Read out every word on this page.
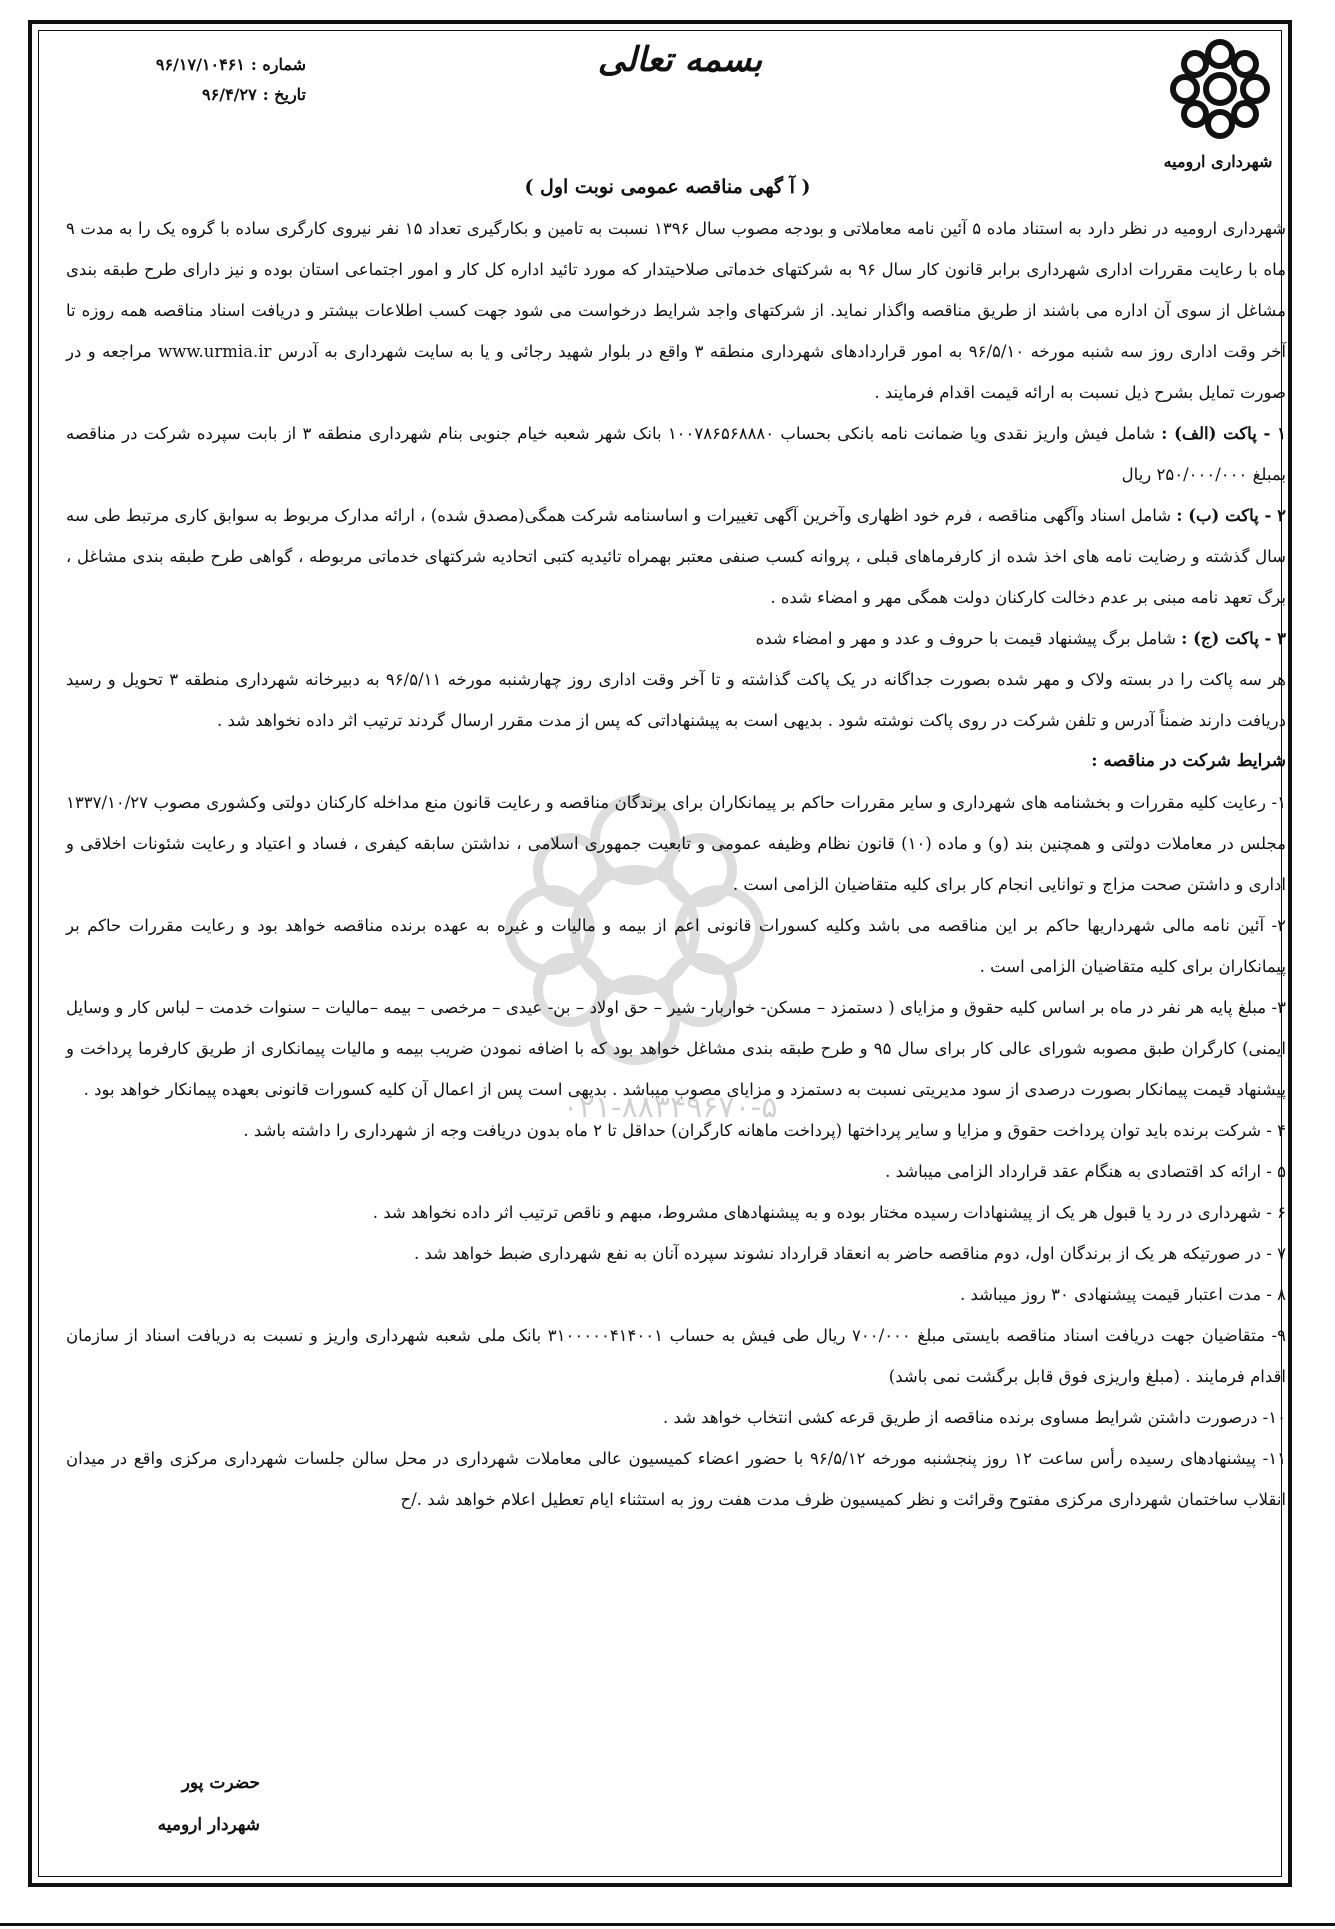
شهرداری ارومیه
بسمه تعالی
شماره :
۹۶/۱۷/۱۰۴۶۱
تاریخ :
۹۶/۴/۲۷
۰۲۱-۸۸۳۴۹۶۷۰-۵
( آ گهی مناقصه عمومی نوبت اول )

شهرداری ارومیه در نظر دارد به استناد ماده ۵ آئین نامه معاملاتی و بودجه مصوب سال ۱۳۹۶ نسبت به تامین و بکارگیری تعداد ۱۵ نفر نیروی کارگری ساده با گروه یک را به مدت ۹ ماه با رعایت مقررات اداری شهرداری برابر قانون کار سال ۹۶ به شرکتهای خدماتی صلاحیتدار که مورد تائید اداره کل کار و امور اجتماعی استان بوده و نیز دارای طرح طبقه بندی مشاغل از سوی آن اداره می باشند از طریق مناقصه واگذار نماید. از شرکتهای واجد شرایط درخواست می شود جهت کسب اطلاعات بیشتر و دریافت اسناد مناقصه همه روزه تا آخر وقت اداری روز سه شنبه مورخه ۹۶/۵/۱۰ به امور قراردادهای شهرداری منطقه ۳ واقع در بلوار شهید رجائی و یا به سایت شهرداری به آدرس www.urmia.ir مراجعه و در صورت تمایل بشرح ذیل نسبت به ارائه قیمت اقدام فرمایند .

۱ - پاکت (الف) : شامل فیش واریز نقدی ویا ضمانت نامه بانکی بحساب ۱۰۰۷۸۶۵۶۸۸۸۰ بانک شهر شعبه خیام جنوبی بنام شهرداری منطقه ۳ از بابت سپرده شرکت در مناقصه بمبلغ ۲۵۰/۰۰۰/۰۰۰ ریال

۲ - پاکت (ب) : شامل اسناد وآگهی مناقصه ، فرم خود اظهاری وآخرین آگهی تغییرات و اساسنامه شرکت همگی(مصدق شده) ، ارائه مدارک مربوط به سوابق کاری مرتبط طی سه سال گذشته و رضایت نامه های اخذ شده از کارفرماهای قبلی ، پروانه کسب صنفی معتبر بهمراه تائیدیه کتبی اتحادیه شرکتهای خدماتی مربوطه ، گواهی طرح طبقه بندی مشاغل ، برگ تعهد نامه مبنی بر عدم دخالت کارکنان دولت همگی مهر و امضاء شده .

۳ - پاکت (ج) : شامل برگ پیشنهاد قیمت با حروف و عدد و مهر و امضاء شده

هر سه پاکت را در بسته ولاک و مهر شده بصورت جداگانه در یک پاکت گذاشته و تا آخر وقت اداری روز چهارشنبه مورخه ۹۶/۵/۱۱ به دبیرخانه شهرداری منطقه ۳ تحویل و رسید دریافت دارند ضمناً آدرس و تلفن شرکت در روی پاکت نوشته شود . بدیهی است به پیشنهاداتی که پس از مدت مقرر ارسال گردند ترتیب اثر داده نخواهد شد .

شرایط شرکت در مناقصه :

۱- رعایت کلیه مقررات و بخشنامه های شهرداری و سایر مقررات حاکم بر پیمانکاران برای برندگان مناقصه و رعایت قانون منع مداخله کارکنان دولتی وکشوری مصوب ۱۳۳۷/۱۰/۲۷ مجلس در معاملات دولتی و همچنین بند (و) و ماده (۱۰) قانون نظام وظیفه عمومی و تابعیت جمهوری اسلامی ، نداشتن سابقه کیفری ، فساد و اعتیاد و رعایت شئونات اخلاقی و اداری و داشتن صحت مزاج و توانایی انجام کار برای کلیه متقاضیان الزامی است .

۲- آئین نامه مالی شهرداریها حاکم بر این مناقصه می باشد وکلیه کسورات قانونی اعم از بیمه و مالیات و غیره به عهده برنده مناقصه خواهد بود و رعایت مقررات حاکم بر پیمانکاران برای کلیه متقاضیان الزامی است .

۳- مبلغ پایه هر نفر در ماه بر اساس کلیه حقوق و مزایای ( دستمزد – مسکن- خواربار- شیر – حق اولاد – بن- عیدی – مرخصی – بیمه –مالیات – سنوات خدمت – لباس کار و وسایل ایمنی) کارگران طبق مصوبه شورای عالی کار برای سال ۹۵ و طرح طبقه بندی مشاغل خواهد بود که با اضافه نمودن ضریب بیمه و مالیات پیمانکاری از طریق کارفرما پرداخت و پیشنهاد قیمت پیمانکار بصورت درصدی از سود مدیریتی نسبت به دستمزد و مزایای مصوب میباشد . بدیهی است پس از اعمال آن کلیه کسورات قانونی بعهده پیمانکار خواهد بود .

۴ - شرکت برنده باید توان پرداخت حقوق و مزایا و سایر پرداختها (پرداخت ماهانه کارگران) حداقل تا ۲ ماه بدون دریافت وجه از شهرداری را داشته باشد .

۵ - ارائه کد اقتصادی به هنگام عقد قرارداد الزامی میباشد .

۶ - شهرداری در رد یا قبول هر یک از پیشنهادات رسیده مختار بوده و به پیشنهادهای مشروط، مبهم و ناقص ترتیب اثر داده نخواهد شد .

۷ - در صورتیکه هر یک از برندگان اول، دوم مناقصه حاضر به انعقاد قرارداد نشوند سپرده آنان به نفع شهرداری ضبط خواهد شد .

۸ - مدت اعتبار قیمت پیشنهادی ۳۰ روز میباشد .

۹- متقاضیان جهت دریافت اسناد مناقصه بایستی مبلغ ۷۰۰/۰۰۰ ریال طی فیش به حساب ۳۱۰۰۰۰۰۴۱۴۰۰۱ بانک ملی شعبه شهرداری واریز و نسبت به دریافت اسناد از سازمان اقدام فرمایند . (مبلغ واریزی فوق قابل برگشت نمی باشد)

۱۰- درصورت داشتن شرایط مساوی برنده مناقصه از طریق قرعه کشی انتخاب خواهد شد .

۱۱- پیشنهادهای رسیده رأس ساعت ۱۲ روز پنجشنبه مورخه ۹۶/۵/۱۲ با حضور اعضاء کمیسیون عالی معاملات شهرداری در محل سالن جلسات شهرداری مرکزی واقع در میدان انقلاب ساختمان شهرداری مرکزی مفتوح وقرائت و نظر کمیسیون ظرف مدت هفت روز به استثناء ایام تعطیل اعلام خواهد شد ./ح

حضرت پور
شهردار ارومیه
